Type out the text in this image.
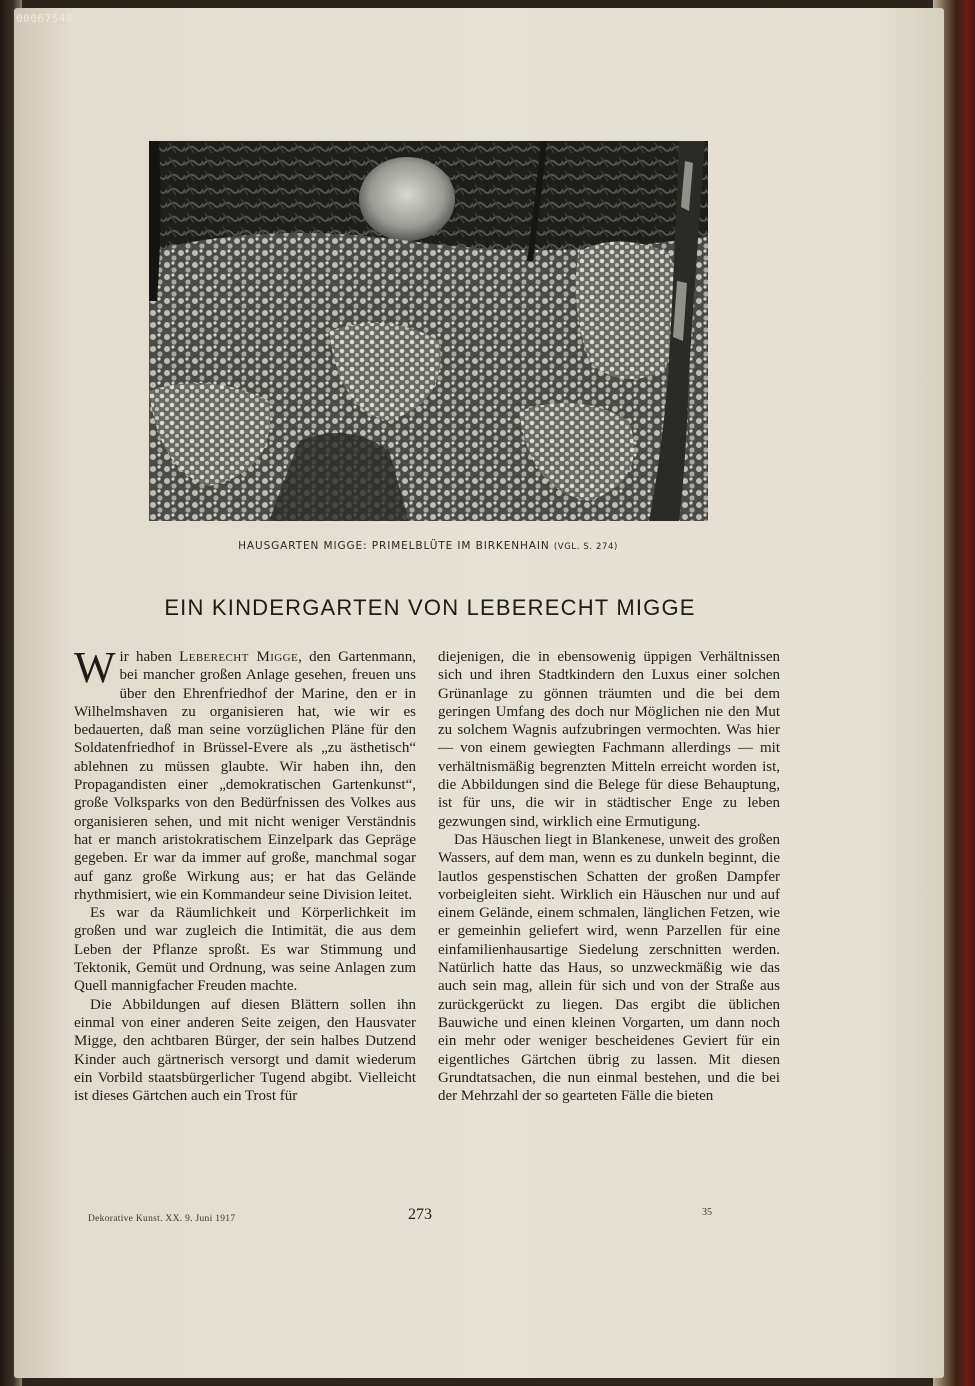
00067548
HAUSGARTEN MIGGE: PRIMELBLÜTE IM BIRKENHAIN (VGL. S. 274)
EIN KINDERGARTEN VON LEBERECHT MIGGE

Wir haben Leberecht Migge, den Gartenmann, bei mancher großen Anlage gesehen, freuen uns über den Ehrenfriedhof der Marine, den er in Wilhelmshaven zu organisieren hat, wie wir es bedauerten, daß man seine vorzüglichen Pläne für den Soldatenfriedhof in Brüssel-Evere als „zu ästhetisch“ ablehnen zu müssen glaubte. Wir haben ihn, den Propagandisten einer „demokratischen Gartenkunst“, große Volksparks von den Bedürfnissen des Volkes aus organisieren sehen, und mit nicht weniger Verständnis hat er manch aristokratischem Einzelpark das Gepräge gegeben. Er war da immer auf große, manchmal sogar auf ganz große Wirkung aus; er hat das Gelände rhythmisiert, wie ein Kommandeur seine Division leitet.

Es war da Räumlichkeit und Körperlichkeit im großen und war zugleich die Intimität, die aus dem Leben der Pflanze sproßt. Es war Stimmung und Tektonik, Gemüt und Ordnung, was seine Anlagen zum Quell mannigfacher Freuden machte.

Die Abbildungen auf diesen Blättern sollen ihn einmal von einer anderen Seite zeigen, den Hausvater Migge, den achtbaren Bürger, der sein halbes Dutzend Kinder auch gärtnerisch versorgt und damit wiederum ein Vorbild staatsbürgerlicher Tugend abgibt. Vielleicht ist dieses Gärtchen auch ein Trost für

diejenigen, die in ebensowenig üppigen Verhältnissen sich und ihren Stadtkindern den Luxus einer solchen Grünanlage zu gönnen träumten und die bei dem geringen Umfang des doch nur Möglichen nie den Mut zu solchem Wagnis aufzubringen vermochten. Was hier — von einem gewiegten Fachmann allerdings — mit verhältnismäßig begrenzten Mitteln erreicht worden ist, die Abbildungen sind die Belege für diese Behauptung, ist für uns, die wir in städtischer Enge zu leben gezwungen sind, wirklich eine Ermutigung.

Das Häuschen liegt in Blankenese, unweit des großen Wassers, auf dem man, wenn es zu dunkeln beginnt, die lautlos gespenstischen Schatten der großen Dampfer vorbeigleiten sieht. Wirklich ein Häuschen nur und auf einem Gelände, einem schmalen, länglichen Fetzen, wie er gemeinhin geliefert wird, wenn Parzellen für eine einfamilienhausartige Siedelung zerschnitten werden. Natürlich hatte das Haus, so unzweckmäßig wie das auch sein mag, allein für sich und von der Straße aus zurückgerückt zu liegen. Das ergibt die üblichen Bauwiche und einen kleinen Vorgarten, um dann noch ein mehr oder weniger bescheidenes Geviert für ein eigentliches Gärtchen übrig zu lassen. Mit diesen Grundtatsachen, die nun einmal bestehen, und die bei der Mehrzahl der so gearteten Fälle die bieten

Dekorative Kunst. XX. 9. Juni 1917	273	35
